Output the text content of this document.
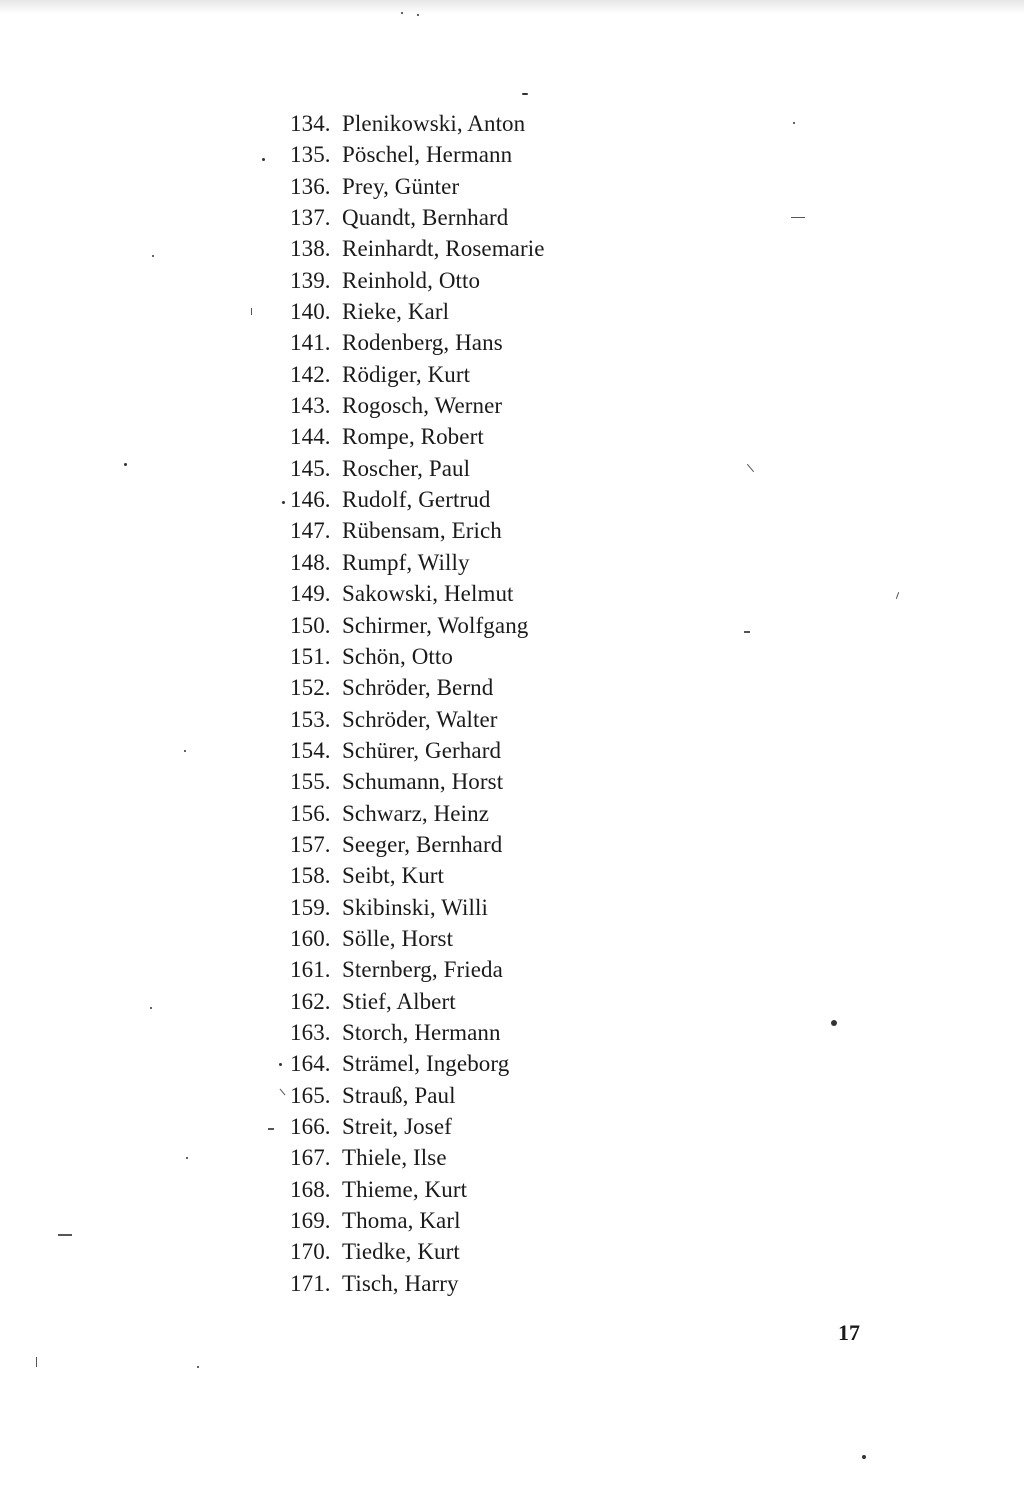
134. Plenikowski, Anton
135. Pöschel, Hermann
136. Prey, Günter
137. Quandt, Bernhard
138. Reinhardt, Rosemarie
139. Reinhold, Otto
140. Rieke, Karl
141. Rodenberg, Hans
142. Rödiger, Kurt
143. Rogosch, Werner
144. Rompe, Robert
145. Roscher, Paul
146. Rudolf, Gertrud
147. Rübensam, Erich
148. Rumpf, Willy
149. Sakowski, Helmut
150. Schirmer, Wolfgang
151. Schön, Otto
152. Schröder, Bernd
153. Schröder, Walter
154. Schürer, Gerhard
155. Schumann, Horst
156. Schwarz, Heinz
157. Seeger, Bernhard
158. Seibt, Kurt
159. Skibinski, Willi
160. Sölle, Horst
161. Sternberg, Frieda
162. Stief, Albert
163. Storch, Hermann
164. Strämel, Ingeborg
165. Strauß, Paul
166. Streit, Josef
167. Thiele, Ilse
168. Thieme, Kurt
169. Thoma, Karl
170. Tiedke, Kurt
171. Tisch, Harry
17
